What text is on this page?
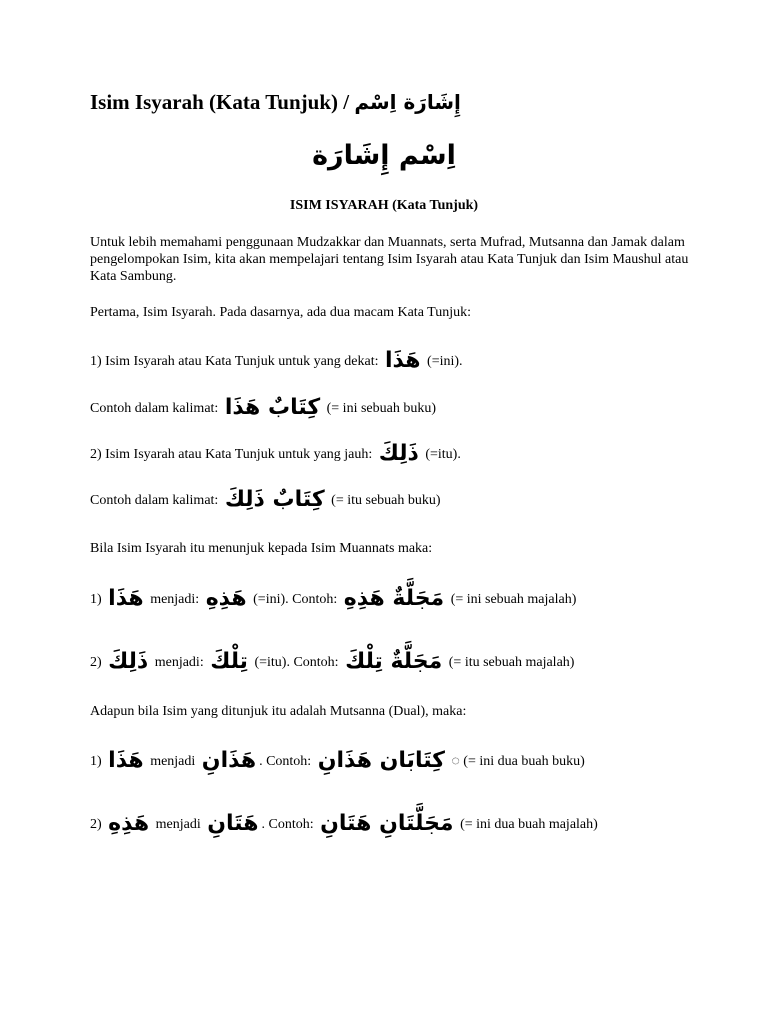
Isim Isyarah (Kata Tunjuk) / إِشَارَة اِسْم
اِسْم إِشَارَة
ISIM ISYARAH (Kata Tunjuk)
Untuk lebih memahami penggunaan Mudzakkar dan Muannats, serta Mufrad, Mutsanna dan Jamak dalam pengelompokan Isim, kita akan mempelajari tentang Isim Isyarah atau Kata Tunjuk dan Isim Maushul atau Kata Sambung.
Pertama, Isim Isyarah. Pada dasarnya, ada dua macam Kata Tunjuk:
1) Isim Isyarah atau Kata Tunjuk untuk yang dekat: هَذَا (=ini).
Contoh dalam kalimat: كِتَابٌ هَذَا (= ini sebuah buku)
2) Isim Isyarah atau Kata Tunjuk untuk yang jauh: ذَلِكَ (=itu).
Contoh dalam kalimat: كِتَابٌ ذَلِكَ (= itu sebuah buku)
Bila Isim Isyarah itu menunjuk kepada Isim Muannats maka:
1) هَذَا menjadi: هَذِهِ (=ini). Contoh: مَجَلَّةٌ هَذِهِ (= ini sebuah majalah)
2) ذَلِكَ menjadi: تِلْكَ (=itu). Contoh: مَجَلَّةٌ تِلْكَ (= itu sebuah majalah)
Adapun bila Isim yang ditunjuk itu adalah Mutsanna (Dual), maka:
1) هَذَا menjadi هَذَانِ . Contoh: كِتَابَان هَذَانِ ◌ (= ini dua buah buku)
2) هَذِهِ menjadi هَتَانِ . Contoh: مَجَلَّتَانِ هَتَانِ (= ini dua buah majalah)
